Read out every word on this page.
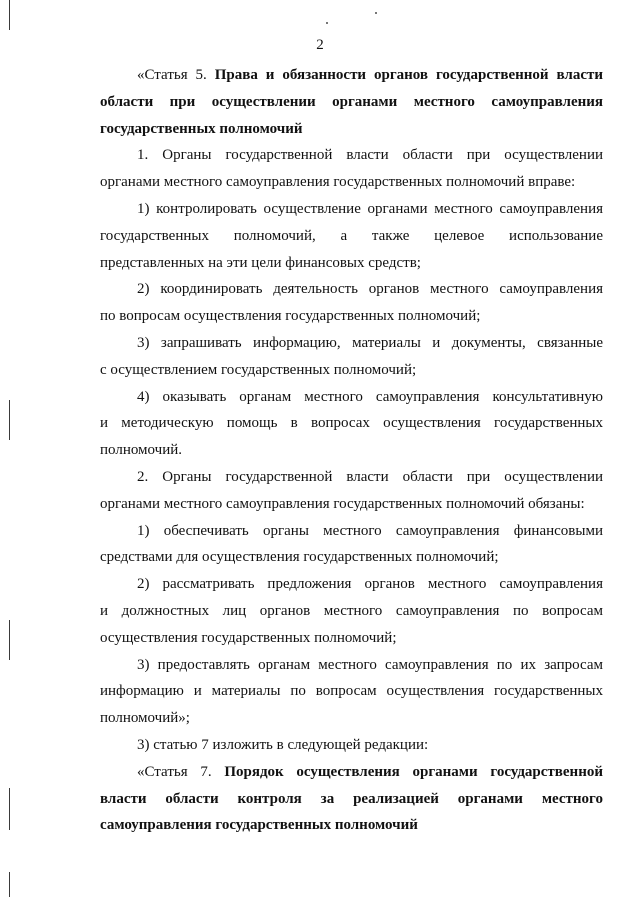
2

«Статья 5. Права и обязанности органов государственной власти

области при осуществлении органами местного самоуправления

государственных полномочий

1. Органы государственной власти области при осуществлении

органами местного самоуправления государственных полномочий вправе:

1) контролировать осуществление органами местного самоуправления

государственных полномочий, а также целевое использование

представленных на эти цели финансовых средств;

2) координировать деятельность органов местного самоуправления

по вопросам осуществления государственных полномочий;

3) запрашивать информацию, материалы и документы, связанные

с осуществлением государственных полномочий;

4) оказывать органам местного самоуправления консультативную

и методическую помощь в вопросах осуществления государственных

полномочий.

2. Органы государственной власти области при осуществлении

органами местного самоуправления государственных полномочий обязаны:

1) обеспечивать органы местного самоуправления финансовыми

средствами для осуществления государственных полномочий;

2) рассматривать предложения органов местного самоуправления

и должностных лиц органов местного самоуправления по вопросам

осуществления государственных полномочий;

3) предоставлять органам местного самоуправления по их запросам

информацию и материалы по вопросам осуществления государственных

полномочий»;

3) статью 7 изложить в следующей редакции:

«Статья 7. Порядок осуществления органами государственной

власти области контроля за реализацией органами местного

самоуправления государственных полномочий
